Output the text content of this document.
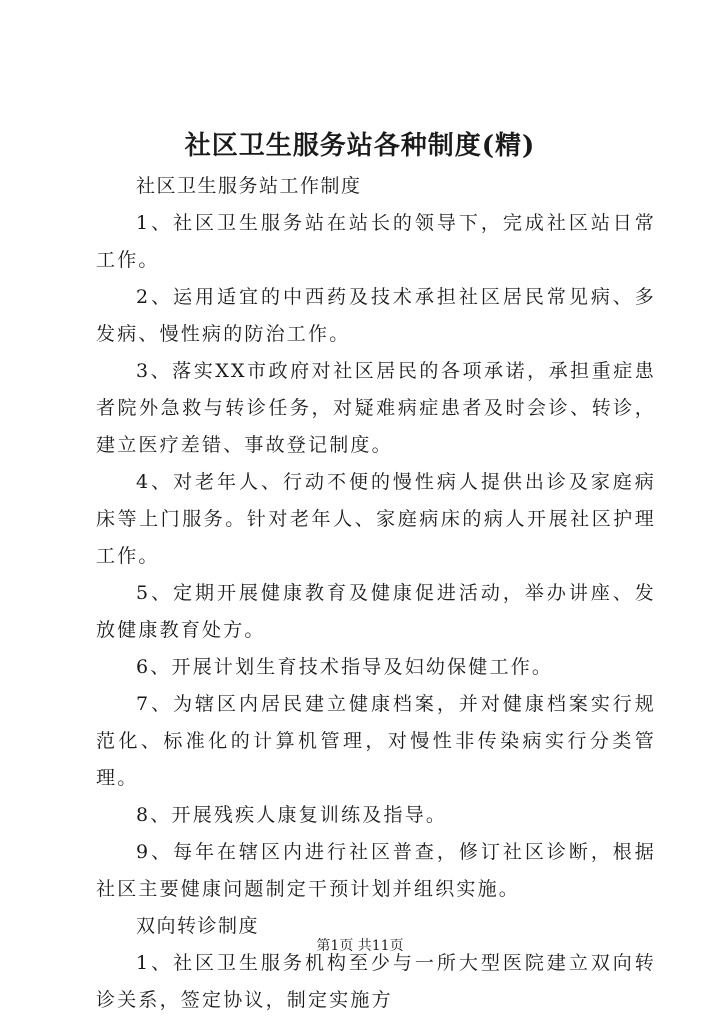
社区卫生服务站各种制度(精)

社区卫生服务站工作制度

1、社区卫生服务站在站长的领导下，完成社区站日常工作。

2、运用适宜的中西药及技术承担社区居民常见病、多发病、慢性病的防治工作。

3、落实XX市政府对社区居民的各项承诺，承担重症患者院外急救与转诊任务，对疑难病症患者及时会诊、转诊，建立医疗差错、事故登记制度。

4、对老年人、行动不便的慢性病人提供出诊及家庭病床等上门服务。针对老年人、家庭病床的病人开展社区护理工作。

5、定期开展健康教育及健康促进活动，举办讲座、发放健康教育处方。

6、开展计划生育技术指导及妇幼保健工作。

7、为辖区内居民建立健康档案，并对健康档案实行规范化、标准化的计算机管理，对慢性非传染病实行分类管理。

8、开展残疾人康复训练及指导。

9、每年在辖区内进行社区普查，修订社区诊断，根据社区主要健康问题制定干预计划并组织实施。

双向转诊制度

1、社区卫生服务机构至少与一所大型医院建立双向转诊关系，签定协议，制定实施方

第1页 共11页
